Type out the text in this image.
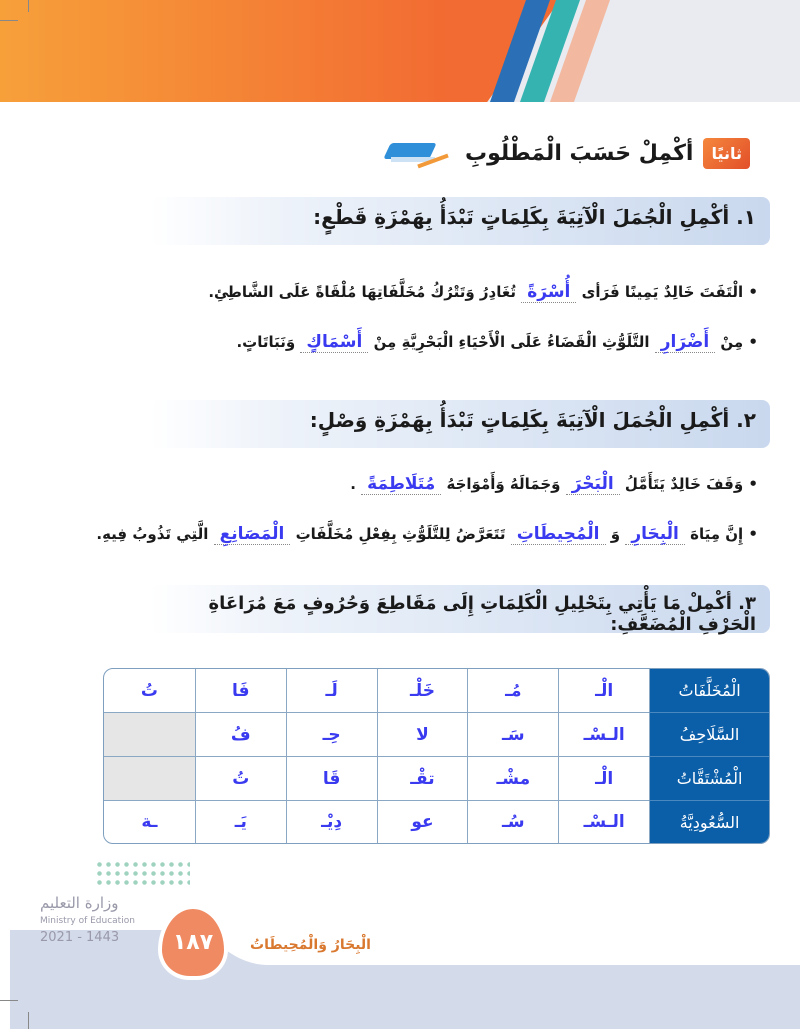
ثانيًا
أكْمِلْ حَسَبَ الْمَطْلُوبِ
١. أكْمِلِ الْجُمَلَ الْآتِيَةَ بِكَلِمَاتٍ تَبْدَأُ بِهَمْزَةِ قَطْعٍ:
• الْتَفَتَ خَالِدٌ يَمِينًا فَرَأى أُسْرَةً تُغَادِرُ وَتَتْرُكُ مُخَلَّفَاتِهَا مُلْقَاةً عَلَى الشَّاطِئِ.
• مِنْ أَضْرَارِ التَّلَوُّثِ الْقَضَاءُ عَلَى الْأَحْيَاءِ الْبَحْرِيَّةِ مِنْ أَسْمَاكٍ وَنَبَاتَاتٍ.
٢. أكْمِلِ الْجُمَلَ الْآتِيَةَ بِكَلِمَاتٍ تَبْدَأُ بِهَمْزَةِ وَصْلٍ:
• وَقَفَ خَالِدٌ يَتَأَمَّلُ الْبَحْرَ وَجَمَالَهُ وَأَمْوَاجَهُ مُتَلَاطِمَةً .
• إِنَّ مِيَاهَ الْبِحَارِ وَ الْمُحِيطَاتِ تَتَعَرَّضُ لِلتَّلَوُّثِ بِفِعْلِ مُخَلَّفَاتِ الْمَصَانِعِ الَّتِي تَذُوبُ فِيهِ.
٣. أكْمِلْ مَا يَأْتِي بِتَحْلِيلِ الْكَلِمَاتِ إِلَى مَقَاطِعَ وَحُرُوفٍ مَعَ مُرَاعَاةِ الْحَرْفِ الْمُضَعَّفِ:
الْمُخَلَّفَاتُ	الْـ	مُـ	خَلْـ	لَـ	فَا	تُ
السَّلَاحِفُ	الـسْـ	سَـ	لا	حِـ	فُ	
الْمُشْتَقَّاتُ	الْـ	مشْـ	تقْـ	قَا	تُ	
السُّعُودِيَّةُ	الـسْـ	سُـ	عو	دِيْـ	يَـ	ـة
وزارة التعليم
Ministry of Education
2021 - 1443	١٨٧	الْبِحَارُ وَالْمُحِيطَاتُ
